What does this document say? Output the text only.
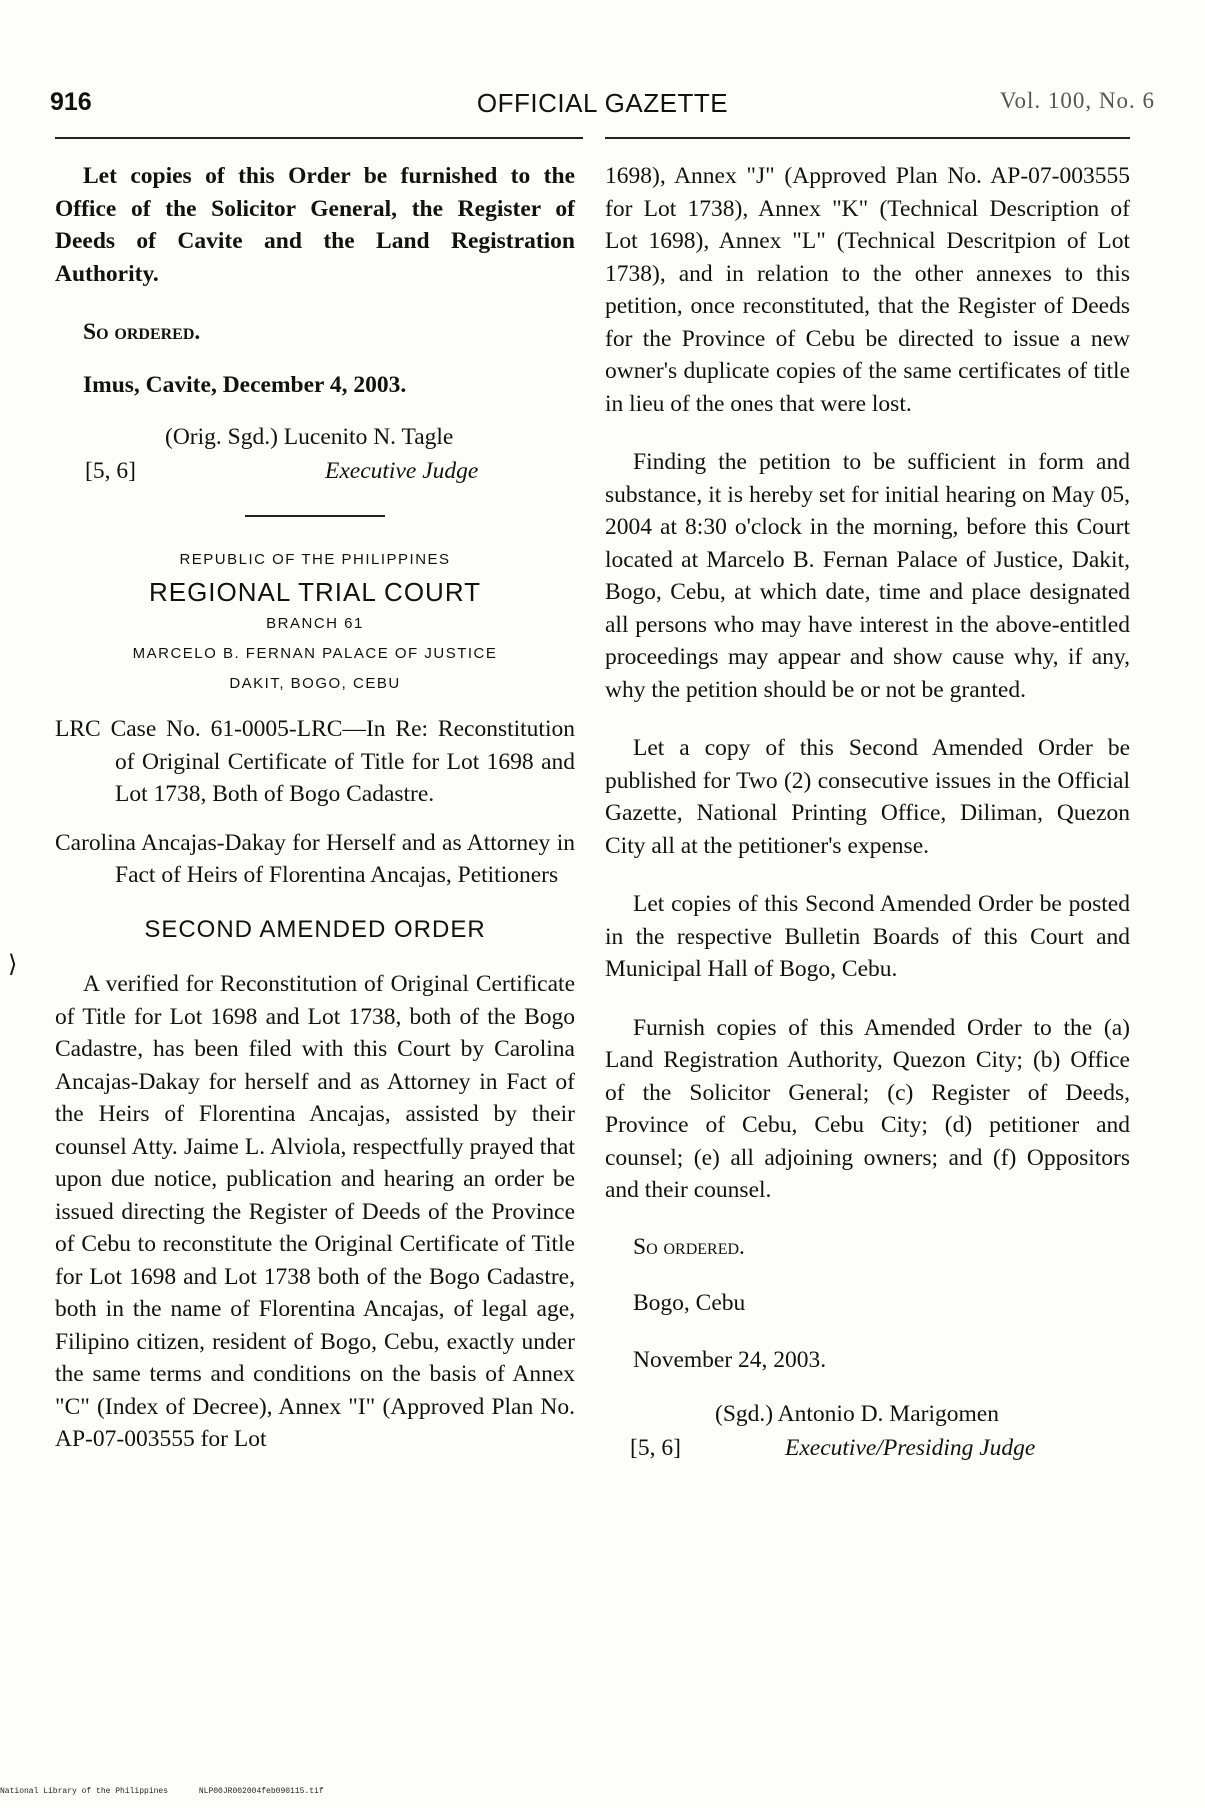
916	OFFICIAL GAZETTE	Vol. 100, No. 6
⟩

Let copies of this Order be furnished to the Office of the Solicitor General, the Register of Deeds of Cavite and the Land Registration Authority.

So ordered.

Imus, Cavite, December 4, 2003.

(Orig. Sgd.) Lucenito N. Tagle
[5, 6]	Executive Judge
REPUBLIC OF THE PHILIPPINES
REGIONAL TRIAL COURT
BRANCH 61
MARCELO B. FERNAN PALACE OF JUSTICE
DAKIT, BOGO, CEBU

LRC Case No. 61-0005-LRC—In Re: Reconstitution of Original Certificate of Title for Lot 1698 and Lot 1738, Both of Bogo Cadastre.

Carolina Ancajas-Dakay for Herself and as Attorney in Fact of Heirs of Florentina Ancajas, Petitioners

SECOND AMENDED ORDER

A verified for Reconstitution of Original Certificate of Title for Lot 1698 and Lot 1738, both of the Bogo Cadastre, has been filed with this Court by Carolina Ancajas-Dakay for herself and as Attorney in Fact of the Heirs of Florentina Ancajas, assisted by their counsel Atty. Jaime L. Alviola, respectfully prayed that upon due notice, publication and hearing an order be issued directing the Register of Deeds of the Province of Cebu to reconstitute the Original Certificate of Title for Lot 1698 and Lot 1738 both of the Bogo Cadastre, both in the name of Florentina Ancajas, of legal age, Filipino citizen, resident of Bogo, Cebu, exactly under the same terms and conditions on the basis of Annex "C" (Index of Decree), Annex "I" (Approved Plan No. AP-07-003555 for Lot

1698), Annex "J" (Approved Plan No. AP-07-003555 for Lot 1738), Annex "K" (Technical Description of Lot 1698), Annex "L" (Technical Descritpion of Lot 1738), and in relation to the other annexes to this petition, once reconstituted, that the Register of Deeds for the Province of Cebu be directed to issue a new owner's duplicate copies of the same certificates of title in lieu of the ones that were lost.

Finding the petition to be sufficient in form and substance, it is hereby set for initial hearing on May 05, 2004 at 8:30 o'clock in the morning, before this Court located at Marcelo B. Fernan Palace of Justice, Dakit, Bogo, Cebu, at which date, time and place designated all persons who may have interest in the above-entitled proceedings may appear and show cause why, if any, why the petition should be or not be granted.

Let a copy of this Second Amended Order be published for Two (2) consecutive issues in the Official Gazette, National Printing Office, Diliman, Quezon City all at the petitioner's expense.

Let copies of this Second Amended Order be posted in the respective Bulletin Boards of this Court and Municipal Hall of Bogo, Cebu.

Furnish copies of this Amended Order to the (a) Land Registration Authority, Quezon City; (b) Office of the Solicitor General; (c) Register of Deeds, Province of Cebu, Cebu City; (d) petitioner and counsel; (e) all adjoining owners; and (f) Oppositors and their counsel.

So ordered.

Bogo, Cebu

November 24, 2003.

(Sgd.) Antonio D. Marigomen
[5, 6]	Executive/Presiding Judge
National Library of the Philippines	NLP00JR002004feb090115.tif
